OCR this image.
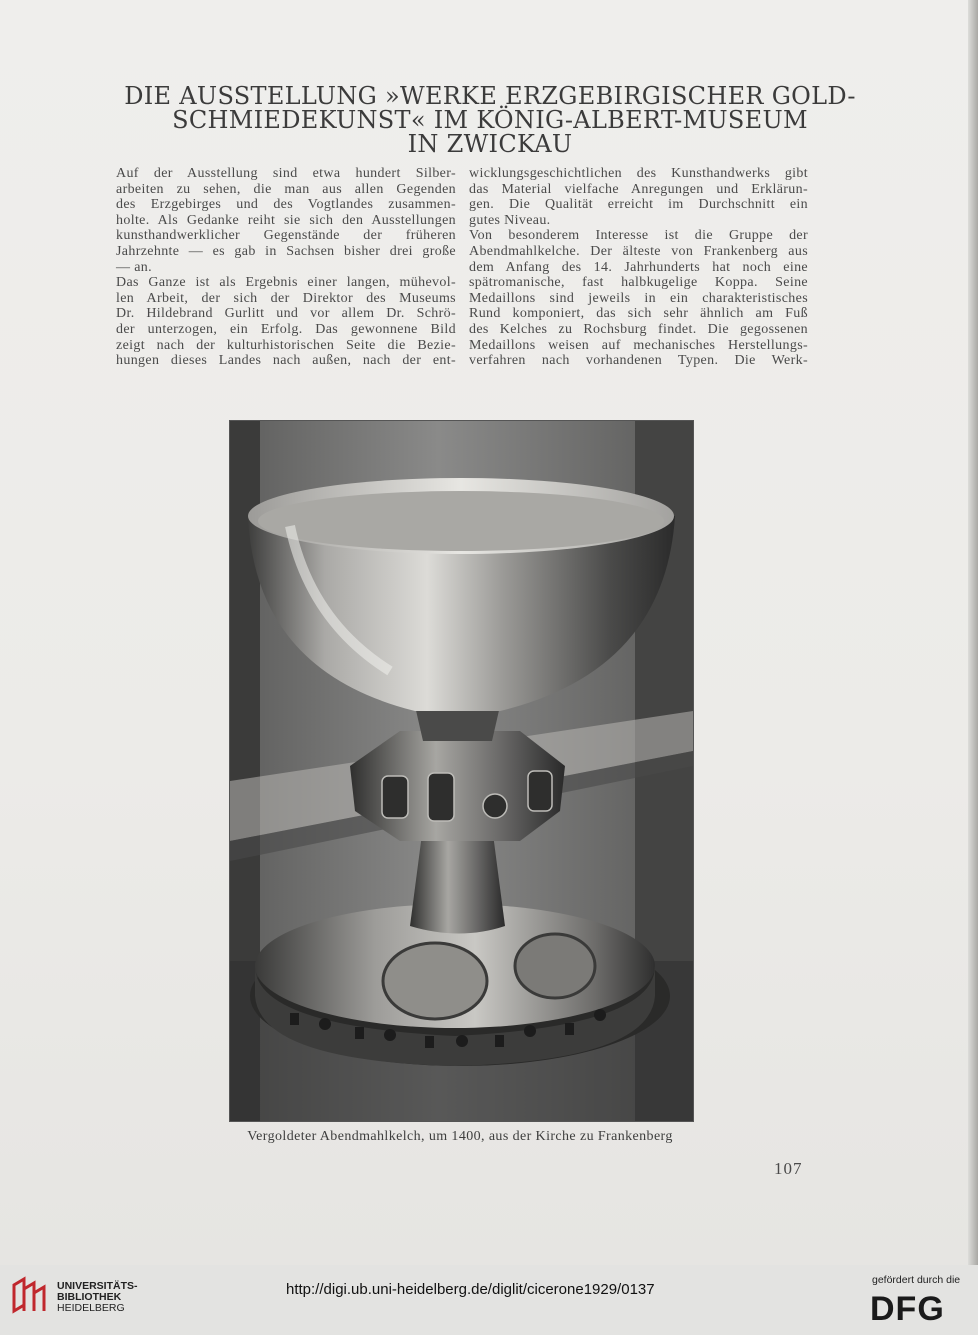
DIE AUSSTELLUNG »WERKE ERZGEBIRGISCHER GOLD-
SCHMIEDEKUNST« IM KÖNIG-ALBERT-MUSEUM
IN ZWICKAU
Auf der Ausstellung sind etwa hundert Silber-
arbeiten zu sehen, die man aus allen Gegenden
des Erzgebirges und des Vogtlandes zusammen-
holte. Als Gedanke reiht sie sich den Ausstellungen
kunsthandwerklicher Gegenstände der früheren
Jahrzehnte — es gab in Sachsen bisher drei große
— an.
Das Ganze ist als Ergebnis einer langen, mühevol-
len Arbeit, der sich der Direktor des Museums
Dr. Hildebrand Gurlitt und vor allem Dr. Schrö-
der unterzogen, ein Erfolg. Das gewonnene Bild
zeigt nach der kulturhistorischen Seite die Bezie-
hungen dieses Landes nach außen, nach der ent-
wicklungsgeschichtlichen des Kunsthandwerks gibt
das Material vielfache Anregungen und Erklärun-
gen. Die Qualität erreicht im Durchschnitt ein
gutes Niveau.
Von besonderem Interesse ist die Gruppe der
Abendmahlkelche. Der älteste von Frankenberg aus
dem Anfang des 14. Jahrhunderts hat noch eine
spätromanische, fast halbkugelige Koppa. Seine
Medaillons sind jeweils in ein charakteristisches
Rund komponiert, das sich sehr ähnlich am Fuß
des Kelches zu Rochsburg findet. Die gegossenen
Medaillons weisen auf mechanisches Herstellungs-
verfahren nach vorhandenen Typen. Die Werk-
Vergoldeter Abendmahlkelch, um 1400, aus der Kirche zu Frankenberg
107
UNIVERSITÄTS-
BIBLIOTHEK
HEIDELBERG
http://digi.ub.uni-heidelberg.de/diglit/cicerone1929/0137
gefördert durch die
DFG
